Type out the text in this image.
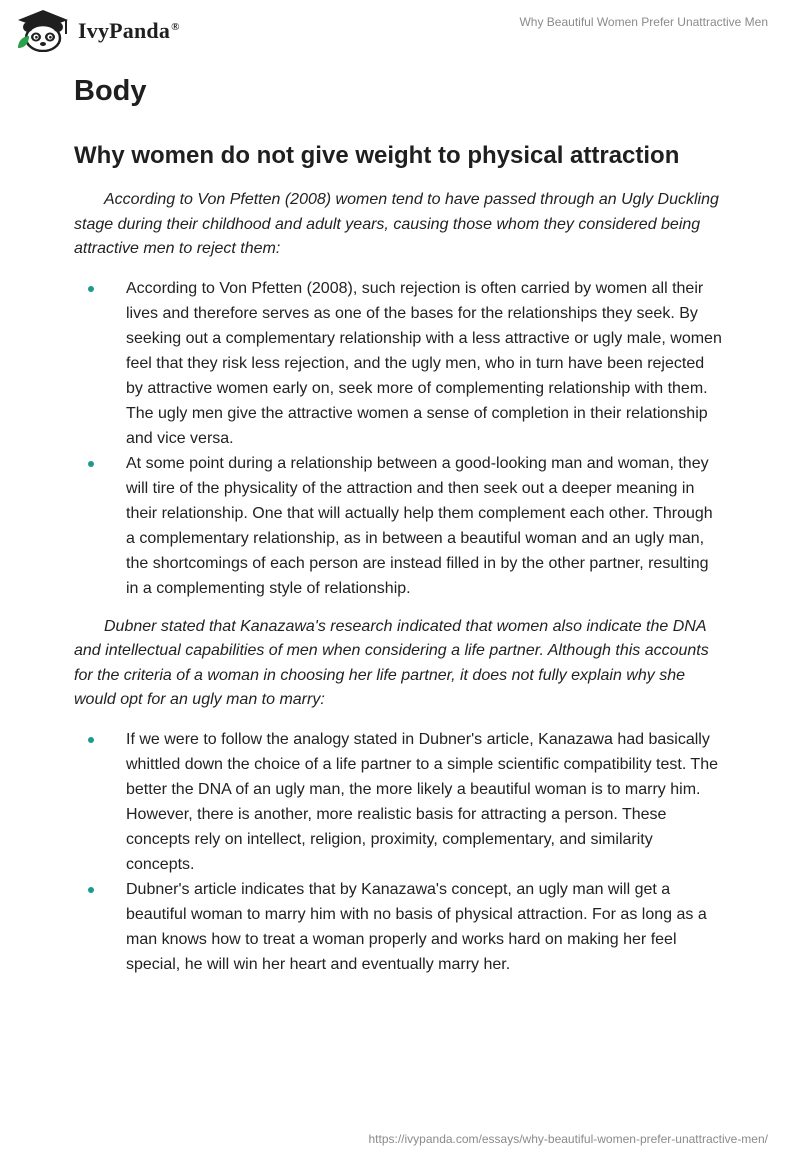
IvyPanda®	Why Beautiful Women Prefer Unattractive Men
Body
Why women do not give weight to physical attraction

According to Von Pfetten (2008) women tend to have passed through an Ugly Duckling stage during their childhood and adult years, causing those whom they considered being attractive men to reject them:

According to Von Pfetten (2008), such rejection is often carried by women all their lives and therefore serves as one of the bases for the relationships they seek. By seeking out a complementary relationship with a less attractive or ugly male, women feel that they risk less rejection, and the ugly men, who in turn have been rejected by attractive women early on, seek more of complementing relationship with them. The ugly men give the attractive women a sense of completion in their relationship and vice versa.
At some point during a relationship between a good-looking man and woman, they will tire of the physicality of the attraction and then seek out a deeper meaning in their relationship. One that will actually help them complement each other. Through a complementary relationship, as in between a beautiful woman and an ugly man, the shortcomings of each person are instead filled in by the other partner, resulting in a complementing style of relationship.

Dubner stated that Kanazawa's research indicated that women also indicate the DNA and intellectual capabilities of men when considering a life partner. Although this accounts for the criteria of a woman in choosing her life partner, it does not fully explain why she would opt for an ugly man to marry:

If we were to follow the analogy stated in Dubner's article, Kanazawa had basically whittled down the choice of a life partner to a simple scientific compatibility test. The better the DNA of an ugly man, the more likely a beautiful woman is to marry him. However, there is another, more realistic basis for attracting a person. These concepts rely on intellect, religion, proximity, complementary, and similarity concepts.
Dubner's article indicates that by Kanazawa's concept, an ugly man will get a beautiful woman to marry him with no basis of physical attraction. For as long as a man knows how to treat a woman properly and works hard on making her feel special, he will win her heart and eventually marry her.
https://ivypanda.com/essays/why-beautiful-women-prefer-unattractive-men/
